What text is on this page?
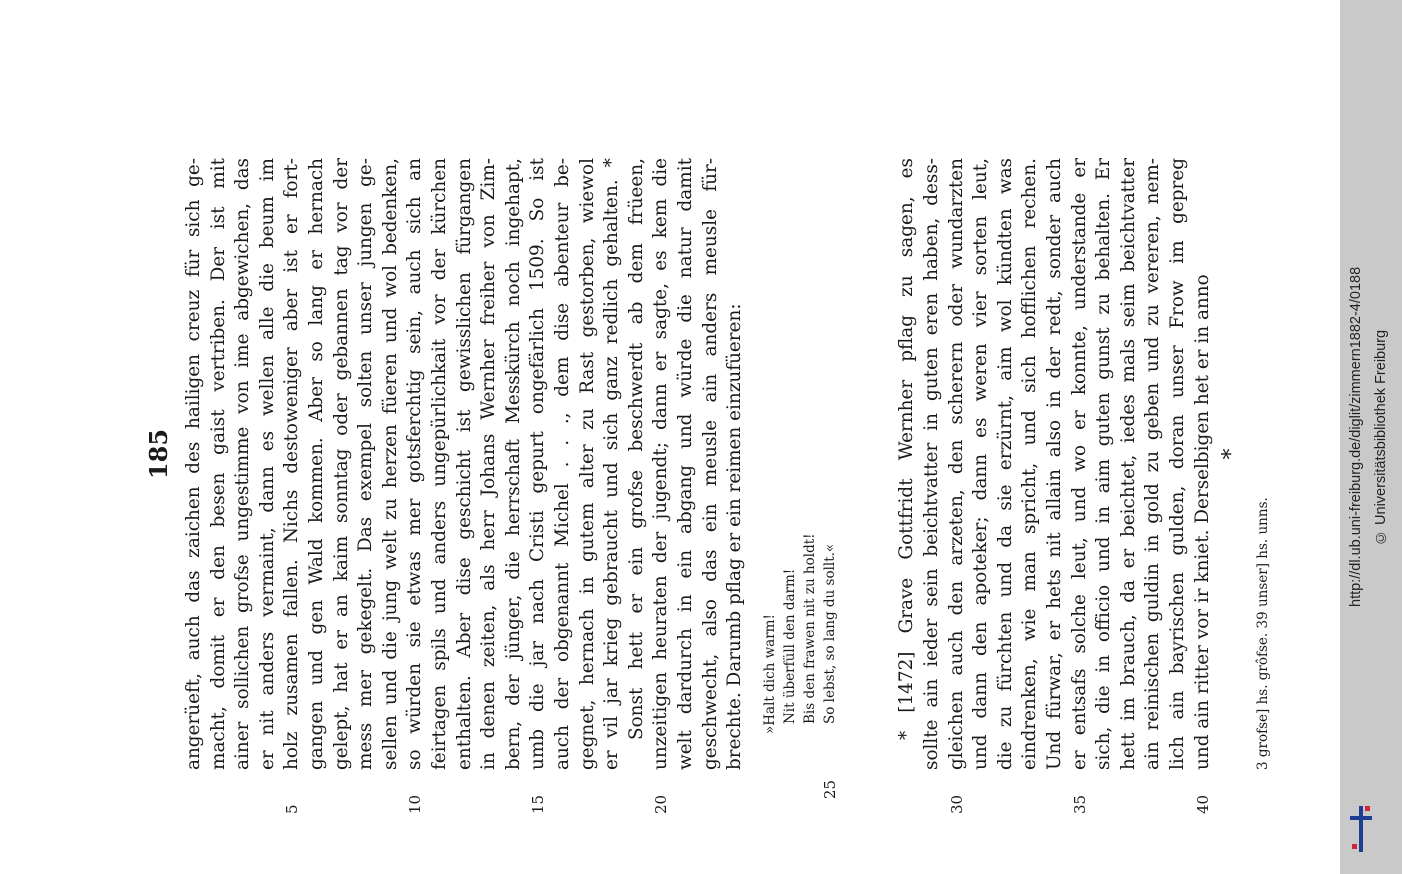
185 angerüeft, auch das zaichen des hailigen creuz für sich ge- macht, domit er den besen gaist vertriben. Der ist mit ainer sollichen grofse ungestimme von ime abgewichen, das er nit anders vermaint, dann es wellen alle die beum im holz zusamen fallen. Nichs destoweniger aber ist er fort-
5
gangen und gen Wald kommen. Aber so lang er hernach gelept, hat er an kaim sonntag oder gebannen tag vor der mess mer gekegelt. Das exempel solten unser jungen ge- sellen und die jung welt zu herzen füeren und wol bedenken, so würden sie etwas mer gotsferchtig sein, auch sich an
10
feirtagen spils und anders ungepürlichkait vor der kürchen enthalten. Aber dise geschicht ist gewisslichen fürgangen in denen zeiten, als herr Johans Wernher freiher von Zim- bern, der jünger, die herrschaft Messkürch noch ingehapt, umb die jar nach Cristi gepurt ongefärlich 1509. So ist
15
auch der obgenannt Michel . . ., dem dise abenteur be- gegnet, hernach in gutem alter zu Rast gestorben, wiewol er vil jar krieg gebraucht und sich ganz redlich gehalten. * Sonst hett er ein grofse beschwerdt ab dem früeen, unzeitigen heuraten der jugendt; dann er sagte, es kem die
20
welt dardurch in ein abgang und würde die natur damit geschwecht, also das ein meusle ain anders meusle für- brechte. Darumb pflag er ein reimen einzufüeren:	* [1472] Grave Gottfridt Wernher pflag zu sagen, es sollte ain ieder sein beichtvatter in guten eren haben, dess- gleichen auch den arzeten, den scherern oder wundarzten
30
und dann den apoteker; dann es weren vier sorten leut, die zu fürchten und da sie erzürnt, aim wol kündten was eindrenken, wie man spricht, und sich hofflichen rechen. Und fürwar, er hets nit allain also in der redt, sonder auch er entsafs solche leut, und wo er konnte, understande er
35
sich, die in officio und in aim guten gunst zu behalten. Er hett im brauch, da er beichtet, iedes mals seim beichtvatter ain reinischen guldin in gold zu geben und zu vereren, nem- lich ain bayrischen gulden, doran unser Frow im gepreg und ain ritter vor ir kniet. Derselbigen het er in anno
40
»Halt dich warm! Nit überfüll den darm! Bis den frawen nit zu holdt! So lebst, so lang du sollt.«
25
*
3 grofse] hs. grôfse. 39 unser] hs. unns.
http://dl.ub.uni-freiburg.de/diglit/zimmern1882-4/0188 © Universitätsbibliothek Freiburg
